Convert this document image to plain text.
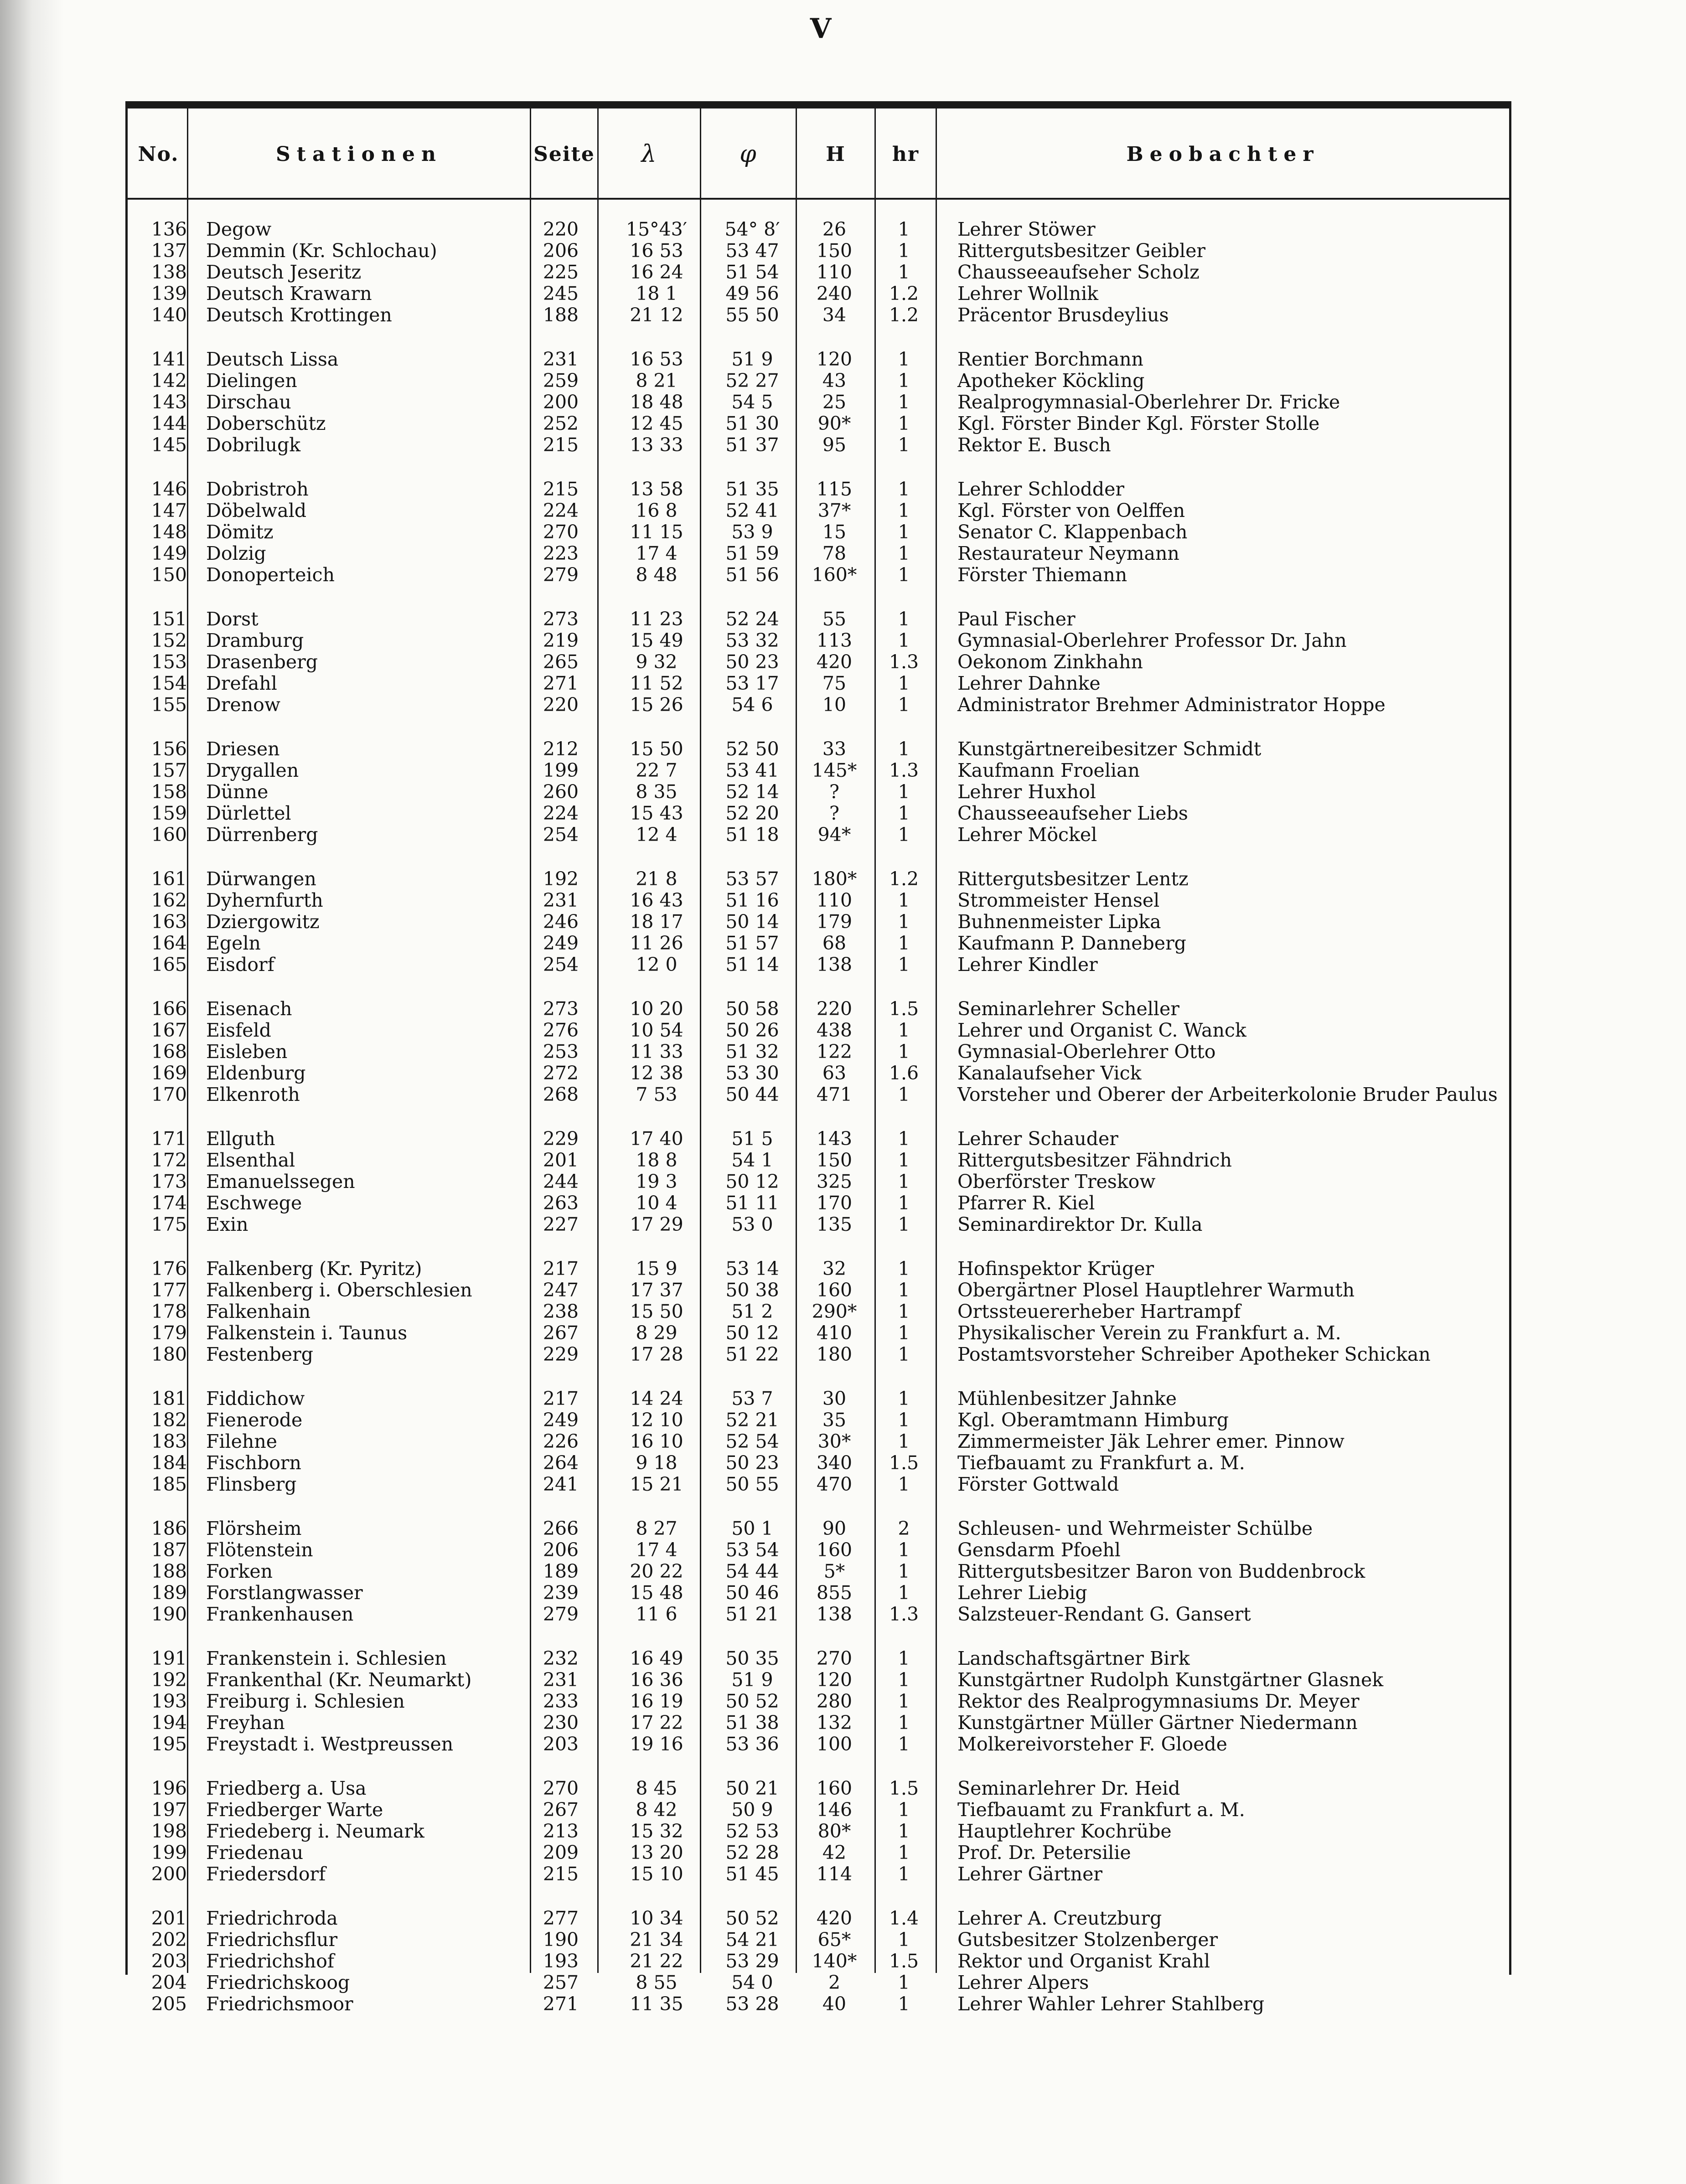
V
No.	Stationen	Seite	λ	φ	H	hr	Beobachter
136 Degow	220	15°43′	54° 8′	26	1	Lehrer Stöwer
137 Demmin (Kr. Schlochau)	206	16 53	53 47	150	1	Rittergutsbesitzer Geibler
138 Deutsch Jeseritz	225	16 24	51 54	110	1	Chausseeaufseher Scholz
139 Deutsch Krawarn	245	18 1	49 56	240	1.2	Lehrer Wollnik
140 Deutsch Krottingen	188	21 12	55 50	34	1.2	Präcentor Brusdeylius
141 Deutsch Lissa	231	16 53	51 9	120	1	Rentier Borchmann
142 Dielingen	259	8 21	52 27	43	1	Apotheker Köckling
143 Dirschau	200	18 48	54 5	25	1	Realprogymnasial-Oberlehrer Dr. Fricke
144 Doberschütz	252	12 45	51 30	90*	1	Kgl. Förster Binder Kgl. Förster Stolle
145 Dobrilugk	215	13 33	51 37	95	1	Rektor E. Busch
146 Dobristroh	215	13 58	51 35	115	1	Lehrer Schlodder
147 Döbelwald	224	16 8	52 41	37*	1	Kgl. Förster von Oelffen
148 Dömitz	270	11 15	53 9	15	1	Senator C. Klappenbach
149 Dolzig	223	17 4	51 59	78	1	Restaurateur Neymann
150 Donoperteich	279	8 48	51 56	160*	1	Förster Thiemann
151 Dorst	273	11 23	52 24	55	1	Paul Fischer
152 Dramburg	219	15 49	53 32	113	1	Gymnasial-Oberlehrer Professor Dr. Jahn
153 Drasenberg	265	9 32	50 23	420	1.3	Oekonom Zinkhahn
154 Drefahl	271	11 52	53 17	75	1	Lehrer Dahnke
155 Drenow	220	15 26	54 6	10	1	Administrator Brehmer Administrator Hoppe
156 Driesen	212	15 50	52 50	33	1	Kunstgärtnereibesitzer Schmidt
157 Drygallen	199	22 7	53 41	145*	1.3	Kaufmann Froelian
158 Dünne	260	8 35	52 14	?	1	Lehrer Huxhol
159 Dürlettel	224	15 43	52 20	?	1	Chausseeaufseher Liebs
160 Dürrenberg	254	12 4	51 18	94*	1	Lehrer Möckel
161 Dürwangen	192	21 8	53 57	180*	1.2	Rittergutsbesitzer Lentz
162 Dyhernfurth	231	16 43	51 16	110	1	Strommeister Hensel
163 Dziergowitz	246	18 17	50 14	179	1	Buhnenmeister Lipka
164 Egeln	249	11 26	51 57	68	1	Kaufmann P. Danneberg
165 Eisdorf	254	12 0	51 14	138	1	Lehrer Kindler
166 Eisenach	273	10 20	50 58	220	1.5	Seminarlehrer Scheller
167 Eisfeld	276	10 54	50 26	438	1	Lehrer und Organist C. Wanck
168 Eisleben	253	11 33	51 32	122	1	Gymnasial-Oberlehrer Otto
169 Eldenburg	272	12 38	53 30	63	1.6	Kanalaufseher Vick
170 Elkenroth	268	7 53	50 44	471	1	Vorsteher und Oberer der Arbeiterkolonie Bruder Paulus
171 Ellguth	229	17 40	51 5	143	1	Lehrer Schauder
172 Elsenthal	201	18 8	54 1	150	1	Rittergutsbesitzer Fähndrich
173 Emanuelssegen	244	19 3	50 12	325	1	Oberförster Treskow
174 Eschwege	263	10 4	51 11	170	1	Pfarrer R. Kiel
175 Exin	227	17 29	53 0	135	1	Seminardirektor Dr. Kulla
176 Falkenberg (Kr. Pyritz)	217	15 9	53 14	32	1	Hofinspektor Krüger
177 Falkenberg i. Oberschlesien	247	17 37	50 38	160	1	Obergärtner Plosel Hauptlehrer Warmuth
178 Falkenhain	238	15 50	51 2	290*	1	Ortssteuererheber Hartrampf
179 Falkenstein i. Taunus	267	8 29	50 12	410	1	Physikalischer Verein zu Frankfurt a. M.
180 Festenberg	229	17 28	51 22	180	1	Postamtsvorsteher Schreiber Apotheker Schickan
181 Fiddichow	217	14 24	53 7	30	1	Mühlenbesitzer Jahnke
182 Fienerode	249	12 10	52 21	35	1	Kgl. Oberamtmann Himburg
183 Filehne	226	16 10	52 54	30*	1	Zimmermeister Jäk Lehrer emer. Pinnow
184 Fischborn	264	9 18	50 23	340	1.5	Tiefbauamt zu Frankfurt a. M.
185 Flinsberg	241	15 21	50 55	470	1	Förster Gottwald
186 Flörsheim	266	8 27	50 1	90	2	Schleusen- und Wehrmeister Schülbe
187 Flötenstein	206	17 4	53 54	160	1	Gensdarm Pfoehl
188 Forken	189	20 22	54 44	5*	1	Rittergutsbesitzer Baron von Buddenbrock
189 Forstlangwasser	239	15 48	50 46	855	1	Lehrer Liebig
190 Frankenhausen	279	11 6	51 21	138	1.3	Salzsteuer-Rendant G. Gansert
191 Frankenstein i. Schlesien	232	16 49	50 35	270	1	Landschaftsgärtner Birk
192 Frankenthal (Kr. Neumarkt)	231	16 36	51 9	120	1	Kunstgärtner Rudolph Kunstgärtner Glasnek
193 Freiburg i. Schlesien	233	16 19	50 52	280	1	Rektor des Realprogymnasiums Dr. Meyer
194 Freyhan	230	17 22	51 38	132	1	Kunstgärtner Müller Gärtner Niedermann
195 Freystadt i. Westpreussen	203	19 16	53 36	100	1	Molkereivorsteher F. Gloede
196 Friedberg a. Usa	270	8 45	50 21	160	1.5	Seminarlehrer Dr. Heid
197 Friedberger Warte	267	8 42	50 9	146	1	Tiefbauamt zu Frankfurt a. M.
198 Friedeberg i. Neumark	213	15 32	52 53	80*	1	Hauptlehrer Kochrübe
199 Friedenau	209	13 20	52 28	42	1	Prof. Dr. Petersilie
200 Friedersdorf	215	15 10	51 45	114	1	Lehrer Gärtner
201 Friedrichroda	277	10 34	50 52	420	1.4	Lehrer A. Creutzburg
202 Friedrichsflur	190	21 34	54 21	65*	1	Gutsbesitzer Stolzenberger
203 Friedrichshof	193	21 22	53 29	140*	1.5	Rektor und Organist Krahl
204 Friedrichskoog	257	8 55	54 0	2	1	Lehrer Alpers
205 Friedrichsmoor	271	11 35	53 28	40	1	Lehrer Wahler Lehrer Stahlberg
